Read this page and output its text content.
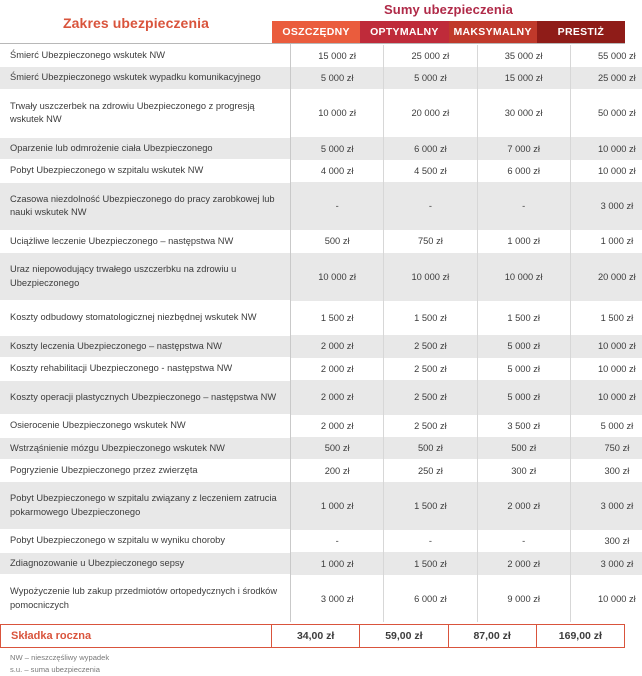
Zakres ubezpieczenia
Sumy ubezpieczenia
OSZCZĘDNY	OPTYMALNY	MAKSYMALNY	PRESTIŻ
Śmierć Ubezpieczonego wskutek NW	15 000 zł	25 000 zł	35 000 zł	55 000 zł
Śmierć Ubezpieczonego wskutek wypadku komunikacyjnego	5 000 zł	5 000 zł	15 000 zł	25 000 zł
Trwały uszczerbek na zdrowiu Ubezpieczonego z progresją wskutek NW	10 000 zł	20 000 zł	30 000 zł	50 000 zł
Oparzenie lub odmrożenie ciała Ubezpieczonego	5 000 zł	6 000 zł	7 000 zł	10 000 zł
Pobyt Ubezpieczonego w szpitalu wskutek NW	4 000 zł	4 500 zł	6 000 zł	10 000 zł
Czasowa niezdolność Ubezpieczonego do pracy zarobkowej lub nauki wskutek NW	-	-	-	3 000 zł
Uciążliwe leczenie Ubezpieczonego – następstwa NW	500 zł	750 zł	1 000 zł	1 000 zł
Uraz niepowodujący trwałego uszczerbku na zdrowiu u Ubezpieczonego	10 000 zł	10 000 zł	10 000 zł	20 000 zł
Koszty odbudowy stomatologicznej niezbędnej wskutek NW	1 500 zł	1 500 zł	1 500 zł	1 500 zł
Koszty leczenia Ubezpieczonego – następstwa NW	2 000 zł	2 500 zł	5 000 zł	10 000 zł
Koszty rehabilitacji Ubezpieczonego - następstwa NW	2 000 zł	2 500 zł	5 000 zł	10 000 zł
Koszty operacji plastycznych Ubezpieczonego – następstwa NW	2 000 zł	2 500 zł	5 000 zł	10 000 zł
Osierocenie Ubezpieczonego wskutek NW	2 000 zł	2 500 zł	3 500 zł	5 000 zł
Wstrząśnienie mózgu Ubezpieczonego wskutek NW	500 zł	500 zł	500 zł	750 zł
Pogryzienie Ubezpieczonego przez zwierzęta	200 zł	250 zł	300 zł	300 zł
Pobyt Ubezpieczonego w szpitalu związany z leczeniem zatrucia pokarmowego Ubezpieczonego	1 000 zł	1 500 zł	2 000 zł	3 000 zł
Pobyt Ubezpieczonego w szpitalu w wyniku choroby	-	-	-	300 zł
Zdiagnozowanie u Ubezpieczonego sepsy	1 000 zł	1 500 zł	2 000 zł	3 000 zł
Wypożyczenie lub zakup przedmiotów ortopedycznych i środków pomocniczych	3 000 zł	6 000 zł	9 000 zł	10 000 zł
Składka roczna	34,00 zł	59,00 zł	87,00 zł	169,00 zł
NW – nieszczęśliwy wypadek
s.u. – suma ubezpieczenia
